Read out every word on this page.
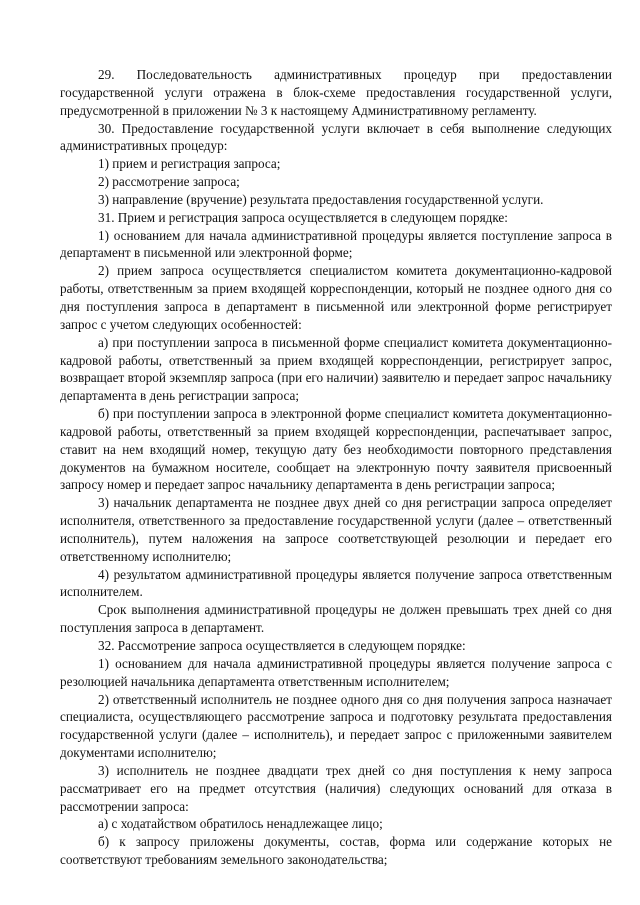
29. Последовательность административных процедур при предоставлении государственной услуги отражена в блок-схеме предоставления государственной услуги, предусмотренной в приложении № 3 к настоящему Административному регламенту.

30. Предоставление государственной услуги включает в себя выполнение следующих административных процедур:

1) прием и регистрация запроса;

2) рассмотрение запроса;

3) направление (вручение) результата предоставления государственной услуги.

31. Прием и регистрация запроса осуществляется в следующем порядке:

1) основанием для начала административной процедуры является поступление запроса в департамент в письменной или электронной форме;

2) прием запроса осуществляется специалистом комитета документационно-кадровой работы, ответственным за прием входящей корреспонденции, который не позднее одного дня со дня поступления запроса в департамент в письменной или электронной форме регистрирует запрос с учетом следующих особенностей:

а) при поступлении запроса в письменной форме специалист комитета документационно-кадровой работы, ответственный за прием входящей корреспонденции, регистрирует запрос, возвращает второй экземпляр запроса (при его наличии) заявителю и передает запрос начальнику департамента в день регистрации запроса;

б) при поступлении запроса в электронной форме специалист комитета документационно-кадровой работы, ответственный за прием входящей корреспонденции, распечатывает запрос, ставит на нем входящий номер, текущую дату без необходимости повторного представления документов на бумажном носителе, сообщает на электронную почту заявителя присвоенный запросу номер и передает запрос начальнику департамента в день регистрации запроса;

3) начальник департамента не позднее двух дней со дня регистрации запроса определяет исполнителя, ответственного за предоставление государственной услуги (далее – ответственный исполнитель), путем наложения на запросе соответствующей резолюции и передает его ответственному исполнителю;

4) результатом административной процедуры является получение запроса ответственным исполнителем.

Срок выполнения административной процедуры не должен превышать трех дней со дня поступления запроса в департамент.

32. Рассмотрение запроса осуществляется в следующем порядке:

1) основанием для начала административной процедуры является получение запроса с резолюцией начальника департамента ответственным исполнителем;

2) ответственный исполнитель не позднее одного дня со дня получения запроса назначает специалиста, осуществляющего рассмотрение запроса и подготовку результата предоставления государственной услуги (далее – исполнитель), и передает запрос с приложенными заявителем документами исполнителю;

3) исполнитель не позднее двадцати трех дней со дня поступления к нему запроса рассматривает его на предмет отсутствия (наличия) следующих оснований для отказа в рассмотрении запроса:

а) с ходатайством обратилось ненадлежащее лицо;

б) к запросу приложены документы, состав, форма или содержание которых не соответствуют требованиям земельного законодательства;
